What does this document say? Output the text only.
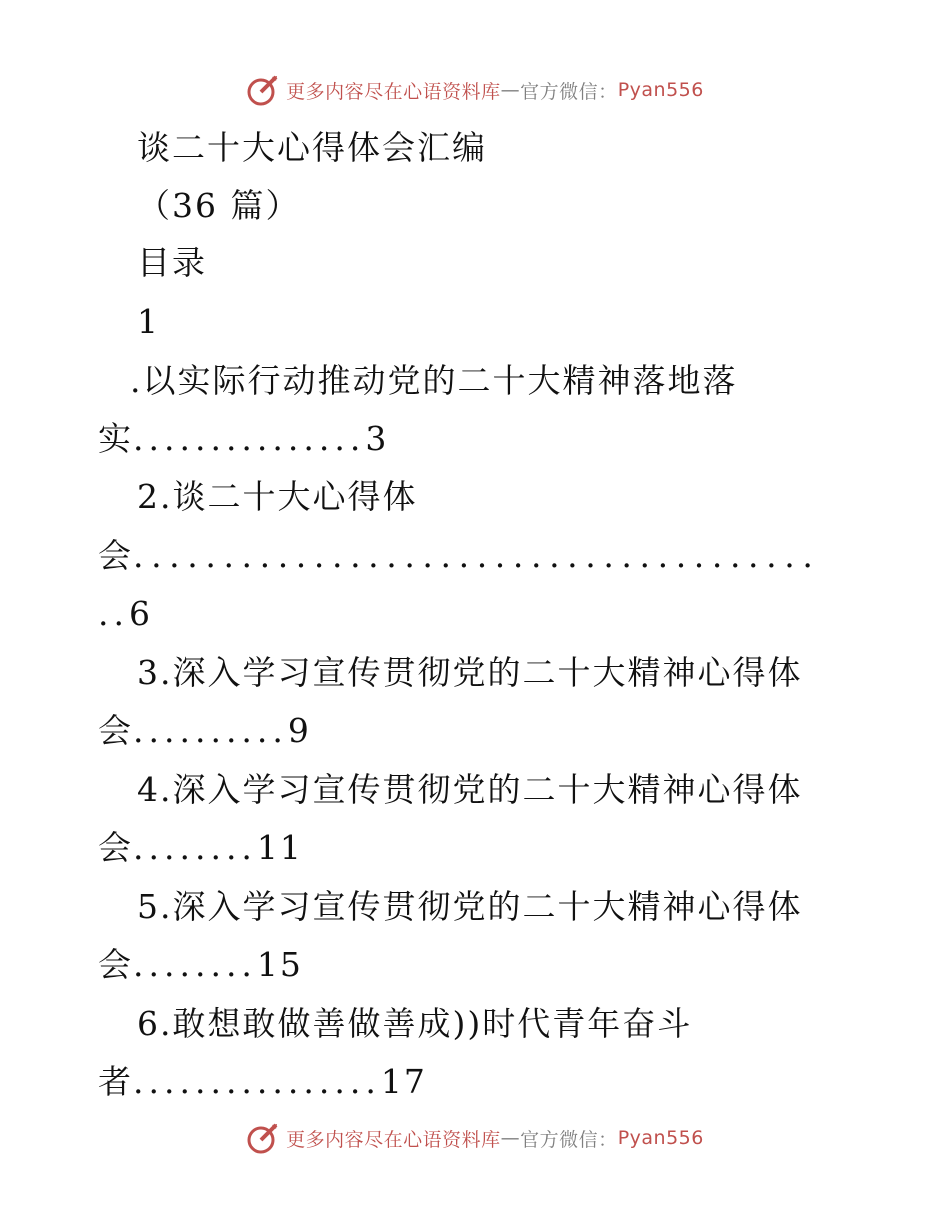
更多内容尽在心语资料库 — 官方微信： Pyan556
谈二十大心得体会汇编
（36 篇）
目录
1
.以实际行动推动党的二十大精神落地落
实...............3
2.谈二十大心得体
会......................................
..6
3.深入学习宣传贯彻党的二十大精神心得体
会..........9
4.深入学习宣传贯彻党的二十大精神心得体
会........11
5.深入学习宣传贯彻党的二十大精神心得体
会........15
6.敢想敢做善做善成))时代青年奋斗
者................17
更多内容尽在心语资料库 — 官方微信： Pyan556
